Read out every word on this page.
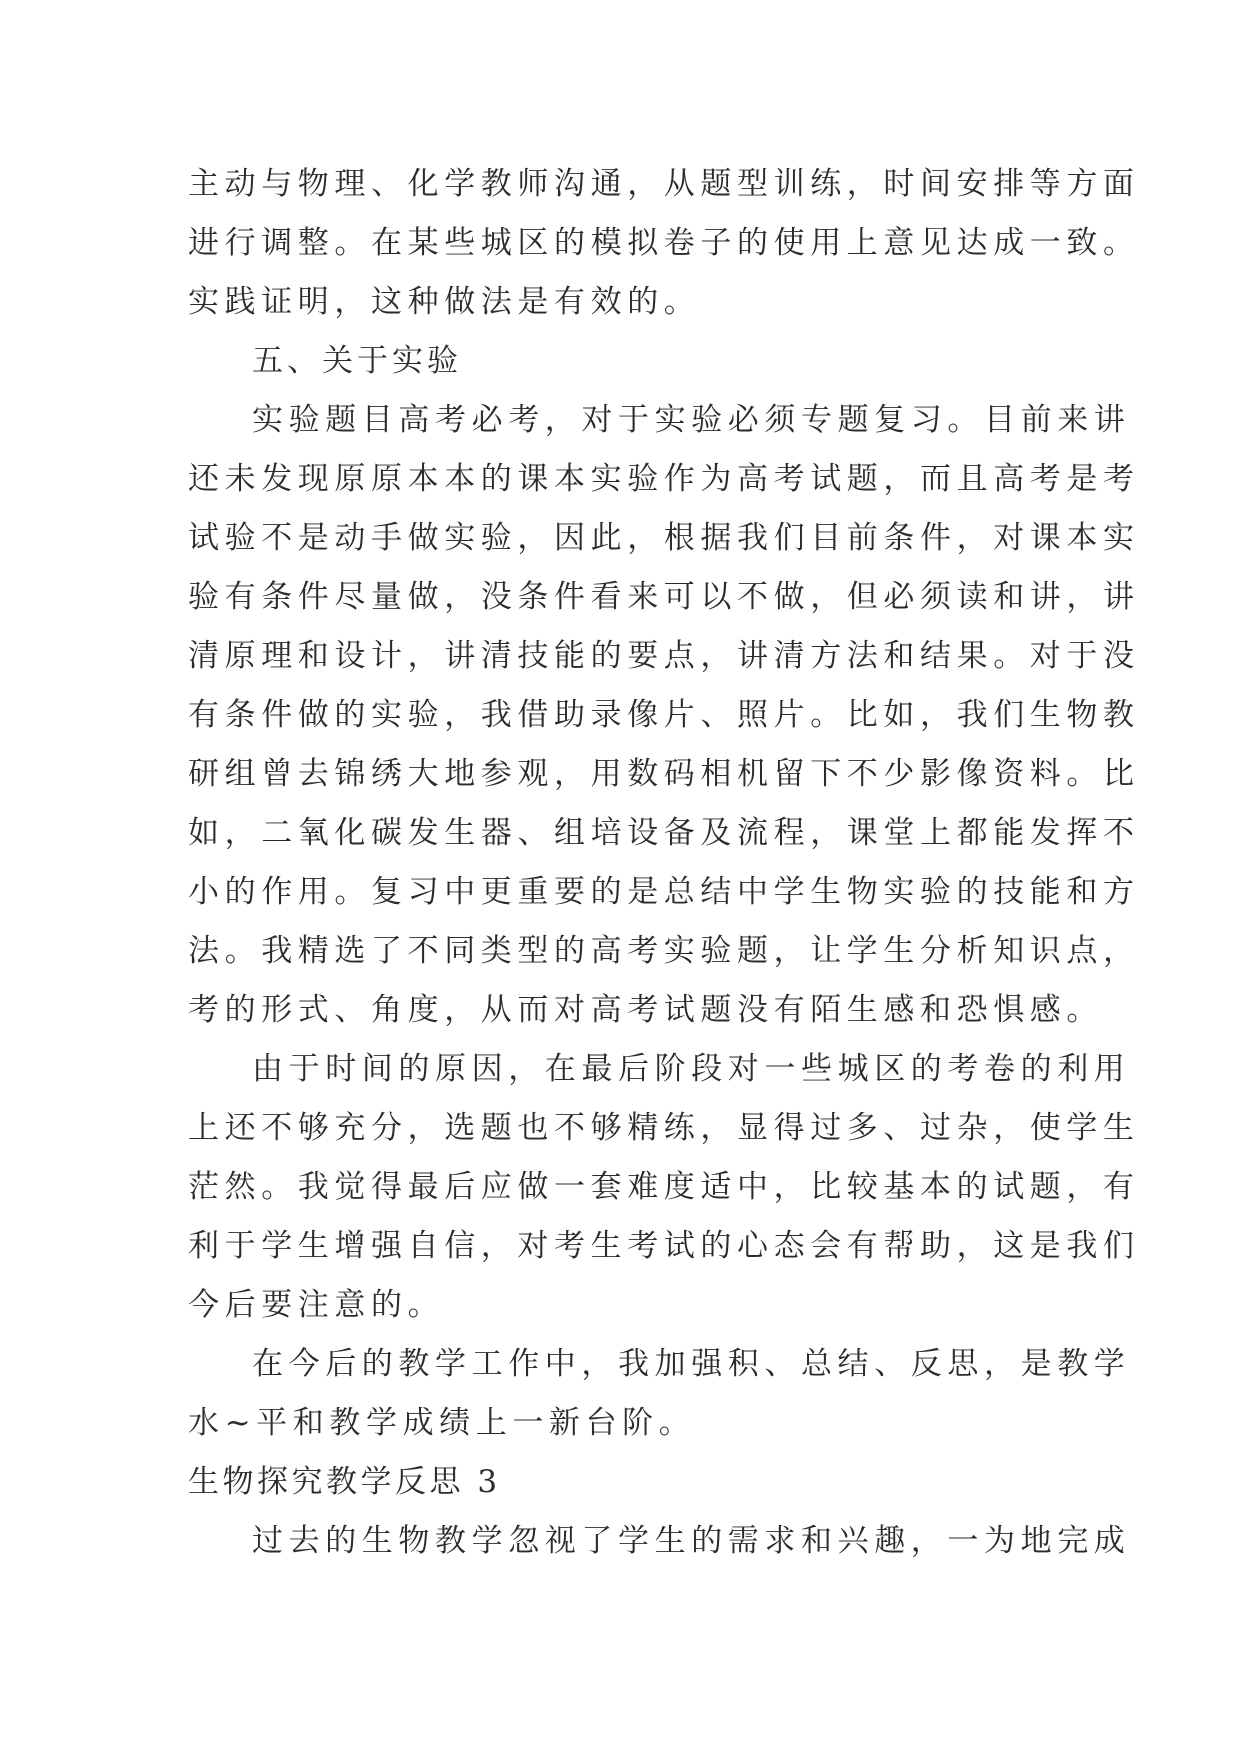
主动与物理、化学教师沟通，从题型训练，时间安排等方面
进行调整。在某些城区的模拟卷子的使用上意见达成一致。
实践证明，这种做法是有效的。
五、关于实验
实验题目高考必考，对于实验必须专题复习。目前来讲
还未发现原原本本的课本实验作为高考试题，而且高考是考
试验不是动手做实验，因此，根据我们目前条件，对课本实
验有条件尽量做，没条件看来可以不做，但必须读和讲，讲
清原理和设计，讲清技能的要点，讲清方法和结果。对于没
有条件做的实验，我借助录像片、照片。比如，我们生物教
研组曾去锦绣大地参观，用数码相机留下不少影像资料。比
如，二氧化碳发生器、组培设备及流程，课堂上都能发挥不
小的作用。复习中更重要的是总结中学生物实验的技能和方
法。我精选了不同类型的高考实验题，让学生分析知识点，
考的形式、角度，从而对高考试题没有陌生感和恐惧感。
由于时间的原因，在最后阶段对一些城区的考卷的利用
上还不够充分，选题也不够精练，显得过多、过杂，使学生
茫然。我觉得最后应做一套难度适中，比较基本的试题，有
利于学生增强自信，对考生考试的心态会有帮助，这是我们
今后要注意的。
在今后的教学工作中，我加强积、总结、反思，是教学
水~平和教学成绩上一新台阶。
生物探究教学反思 3
过去的生物教学忽视了学生的需求和兴趣，一为地完成
